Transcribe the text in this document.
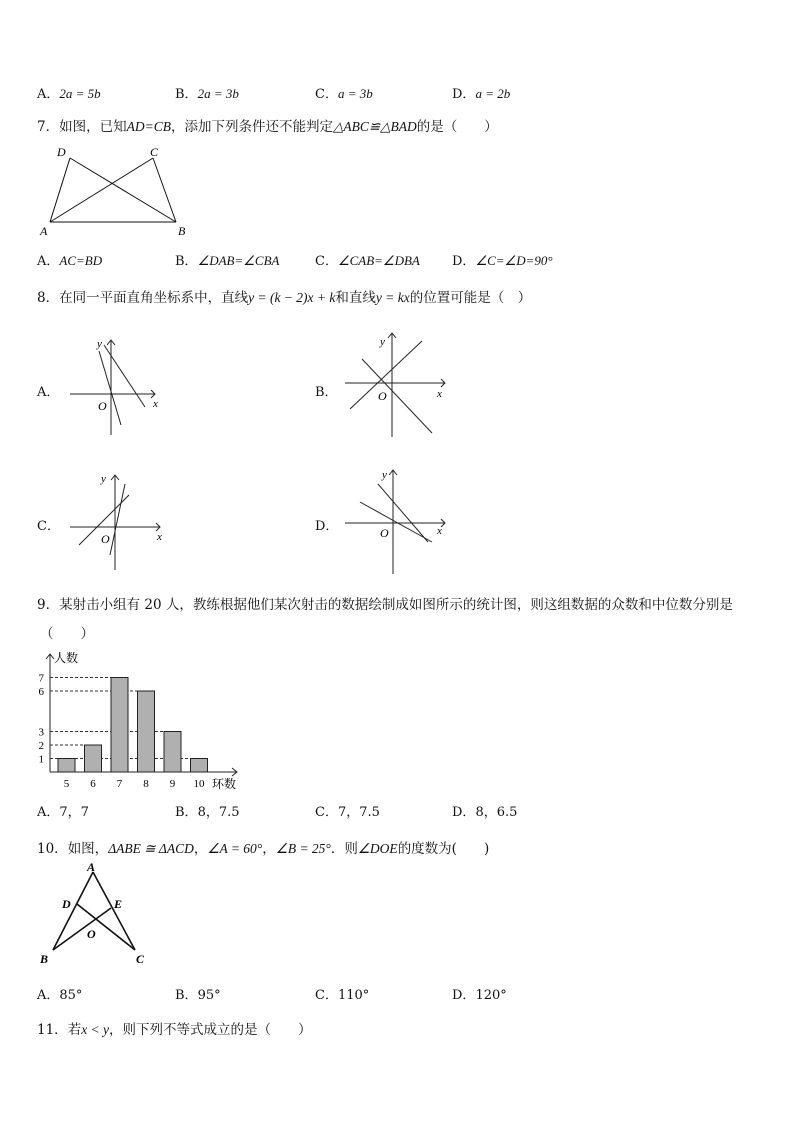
A．2a = 5b	B．2a = 3b	C．a = 3b	D．a = 2b
7．如图，已知AD=CB，添加下列条件还不能判定△ABC≌△BAD的是（　　）
D	C
A	B
A．AC=BD	B．∠DAB=∠CBA	C．∠CAB=∠DBA D．∠C=∠D=90°
8．在同一平面直角坐标系中，直线y = (k − 2)x + k和直线y = kx的位置可能是（　）
A．
y
x
O
B．
y
x
O
C．
y
x
O
D．
y
x
O
9．某射击小组有 20 人，教练根据他们某次射击的数据绘制成如图所示的统计图，则这组数据的众数和中位数分别是
（　　）
人数
环数
1
2
3
6
7
5 6 7 8 9 10
A．7，7	B．8，7.5	C．7，7.5	D．8，6.5
10．如图，ΔABE ≅ ΔACD，∠A = 60°，∠B = 25°．则∠DOE的度数为(　　)
A
D	E
O
B	C
A．85°	B．95°	C．110°	D．120°
11．若x < y，则下列不等式成立的是（　　）
